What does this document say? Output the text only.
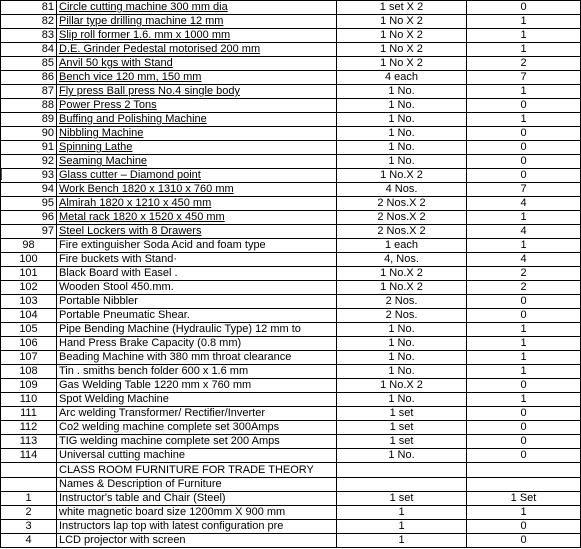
81	Circle cutting machine 300 mm dia	1 set X 2	0
82	Pillar type drilling machine 12 mm	1 No X 2	1
83	Slip roll former 1.6. mm x 1000 mm	1 No X 2	1
84	D.E. Grinder Pedestal motorised 200 mm	1 No X 2	1
85	Anvil 50 kgs with Stand	1 No X 2	2
86	Bench vice 120 mm, 150 mm	4 each	7
87	Fly press Ball press No.4 single body	1 No.	1
88	Power Press 2 Tons	1 No.	0
89	Buffing and Polishing Machine	1 No.	1
90	Nibbling Machine	1 No.	0
91	Spinning Lathe	1 No.	0
92	Seaming Machine	1 No.	0
93	Glass cutter – Diamond point	1 No.X 2	0
94	Work Bench 1820 x 1310 x 760 mm	4 Nos.	7
95	Almirah 1820 x 1210 x 450 mm	2 Nos.X 2	4
96	Metal rack 1820 x 1520 x 450 mm	2 Nos.X 2	1
97	Steel Lockers with 8 Drawers	2 Nos.X 2	4
98	Fire extinguisher Soda Acid and foam type	1 each	1
100	Fire buckets with Stand·	4, Nos.	4
101	Black Board with Easel .	1 No.X 2	2
102	Wooden Stool 450.mm.	1 No.X 2	2
103	Portable Nibbler	2 Nos.	0
104	Portable Pneumatic Shear.	2 Nos.	0
105	Pipe Bending Machine (Hydraulic Type) 12 mm to	1 No.	1
106	Hand Press Brake Capacity (0.8 mm)	1 No.	1
107	Beading Machine with 380 mm throat clearance	1 No.	1
108	Tin . smiths bench folder 600 x 1.6 mm	1 No.	1
109	Gas Welding Table 1220 mm x 760 mm	1 No.X 2	0
110	Spot Welding Machine	1 No.	1
111	Arc welding Transformer/ Rectifier/Inverter	1 set	0
112	Co2 welding machine complete set 300Amps	1 set	0
113	TIG welding machine complete set 200 Amps	1 set	0
114	Universal cutting machine	1 No.	0
	CLASS ROOM FURNITURE FOR TRADE THEORY		
	Names & Description of Furniture		
1	Instructor's table and Chair (Steel)	1 set	1 Set
2	white magnetic board size 1200mm X 900 mm	1	1
3	Instructors lap top with latest configuration pre	1	0
4	LCD projector with screen	1	0
